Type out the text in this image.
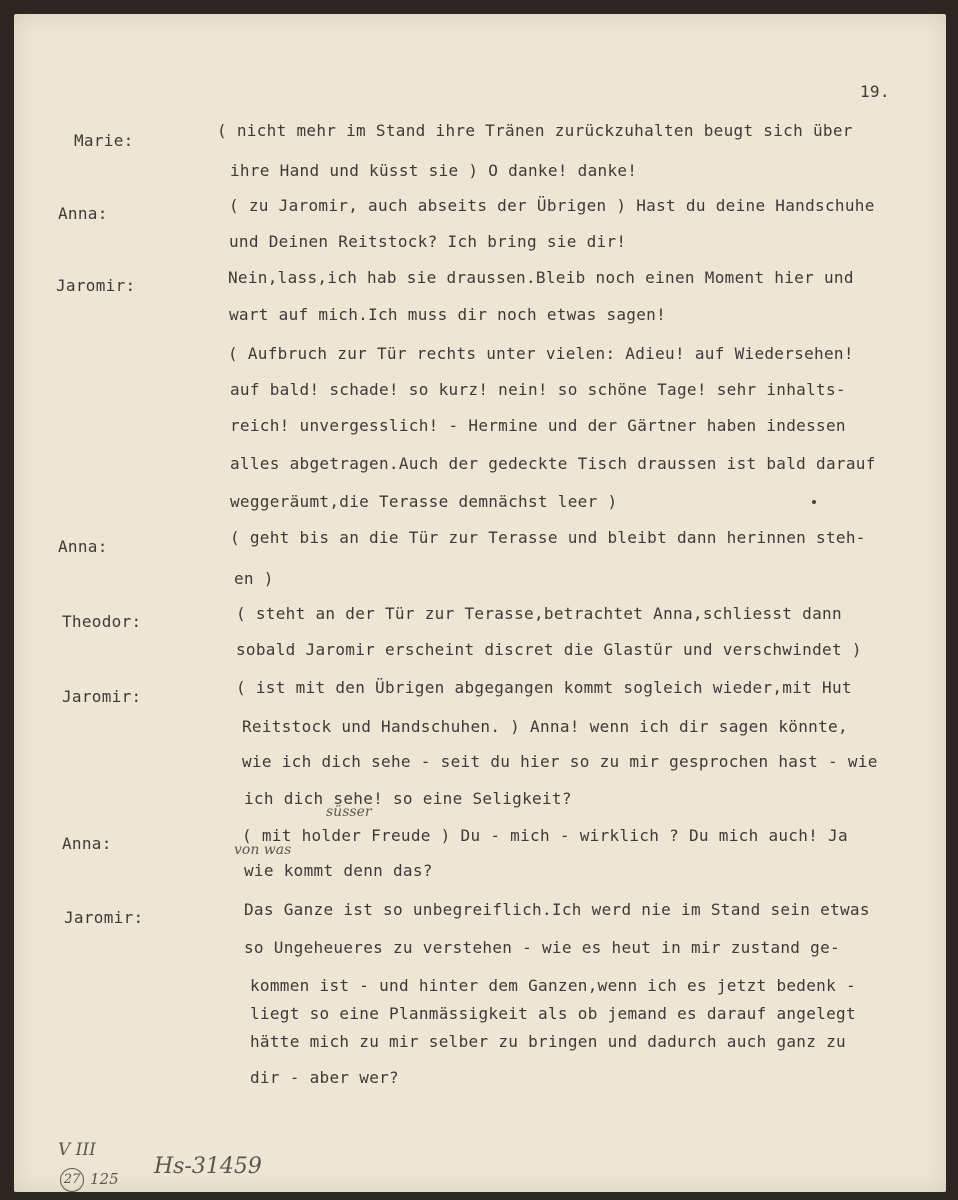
19.
Marie:
( nicht mehr im Stand ihre Tränen zurückzuhalten beugt sich über
ihre Hand und küsst sie ) O danke! danke!
Anna:	( zu Jaromir, auch abseits der Übrigen ) Hast du deine Handschuhe
und Deinen Reitstock? Ich bring sie dir!
Jaromir:	Nein,lass,ich hab sie draussen.Bleib noch einen Moment hier und
wart auf mich.Ich muss dir noch etwas sagen!
( Aufbruch zur Tür rechts unter vielen: Adieu! auf Wiedersehen!
auf bald! schade! so kurz! nein! so schöne Tage! sehr inhalts-
reich! unvergesslich! - Hermine und der Gärtner haben indessen
alles abgetragen.Auch der gedeckte Tisch draussen ist bald darauf
weggeräumt,die Terasse demnächst leer )
Anna:	( geht bis an die Tür zur Terasse und bleibt dann herinnen steh-
en )
Theodor:	( steht an der Tür zur Terasse,betrachtet Anna,schliesst dann
sobald Jaromir erscheint discret die Glastür und verschwindet )
Jaromir:	( ist mit den Übrigen abgegangen kommt sogleich wieder,mit Hut
Reitstock und Handschuhen. ) Anna! wenn ich dir sagen könnte,
wie ich dich sehe - seit du hier so zu mir gesprochen hast - wie
ich dich sehe! so eine Seligkeit?
Anna:
süsser
( mit holder Freude ) Du - mich - wirklich ? Du mich auch! Ja
von was
wie kommt denn das?
Jaromir:	Das Ganze ist so unbegreiflich.Ich werd nie im Stand sein etwas
so Ungeheueres zu verstehen - wie es heut in mir zustand ge-
kommen ist - und hinter dem Ganzen,wenn ich es jetzt bedenk -
liegt so eine Planmässigkeit als ob jemand es darauf angelegt
hätte mich zu mir selber zu bringen und dadurch auch ganz zu
dir - aber wer?
V III
27 125 Hs-31459
